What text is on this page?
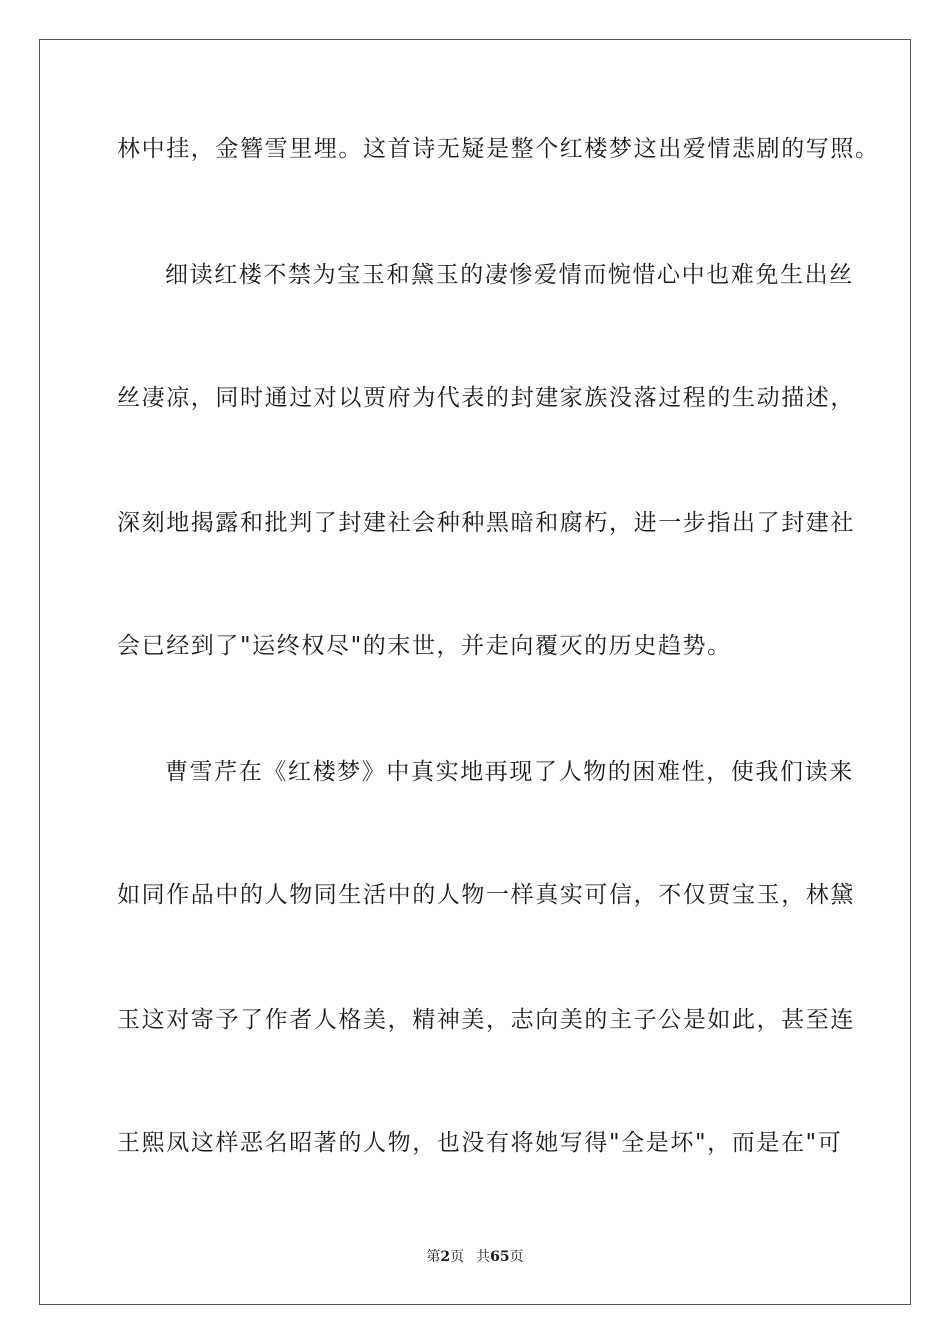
林中挂，金簪雪里埋。这首诗无疑是整个红楼梦这出爱情悲剧的写照。
细读红楼不禁为宝玉和黛玉的凄惨爱情而惋惜心中也难免生出丝
丝凄凉，同时通过对以贾府为代表的封建家族没落过程的生动描述，
深刻地揭露和批判了封建社会种种黑暗和腐朽，进一步指出了封建社
会已经到了"运终权尽"的末世，并走向覆灭的历史趋势。
曹雪芹在《红楼梦》中真实地再现了人物的困难性，使我们读来
如同作品中的人物同生活中的人物一样真实可信，不仅贾宝玉，林黛
玉这对寄予了作者人格美，精神美，志向美的主子公是如此，甚至连
王熙凤这样恶名昭著的人物，也没有将她写得"全是坏"，而是在"可
第2页 共65页
